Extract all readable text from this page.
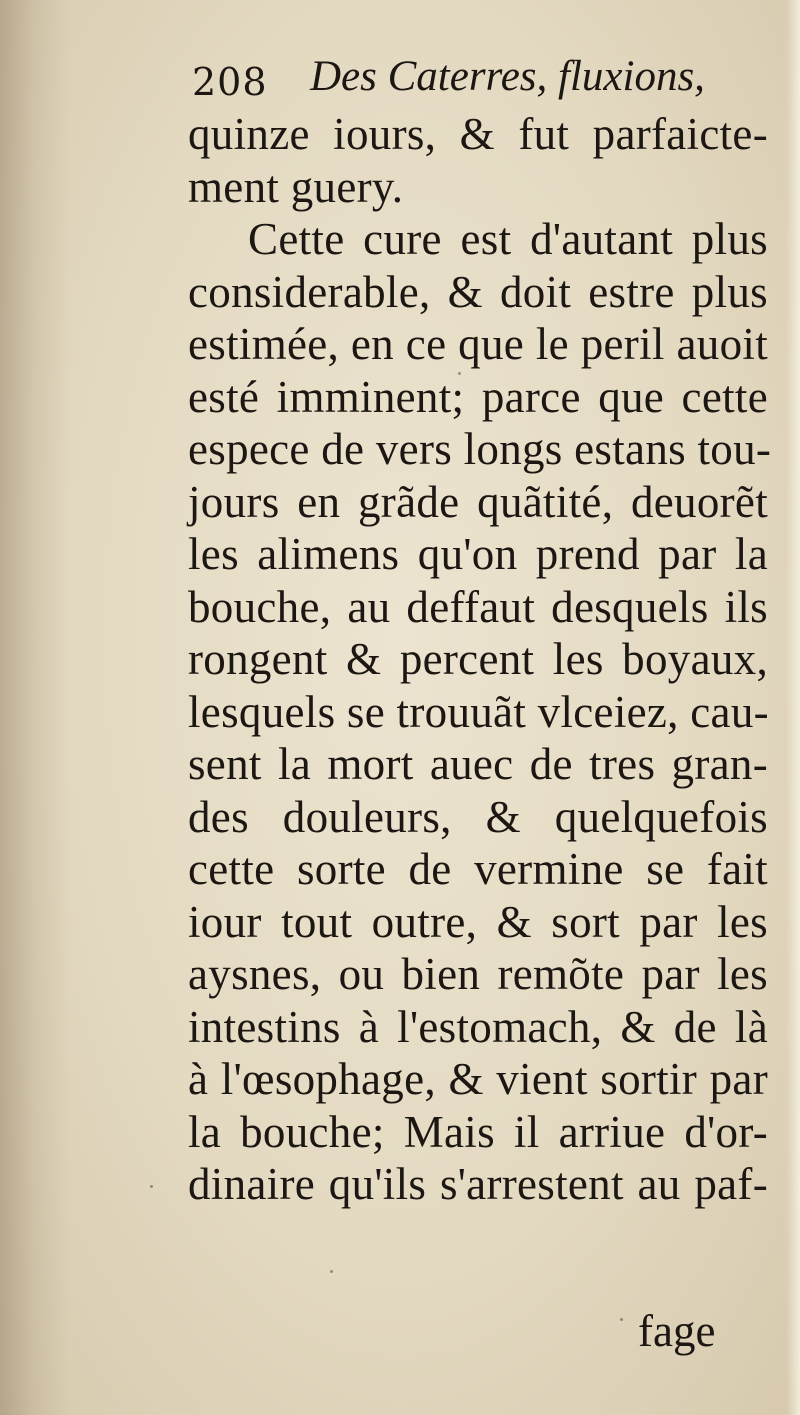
208 Des Caterres, fluxions,
quinze iours, & fut parfaicte-
ment guery.
Cette cure est d'autant plus
considerable, & doit estre plus
estimée, en ce que le peril auoit
esté imminent; parce que cette
espece de vers longs estans tou-
jours en grãde quãtité, deuorẽt
les alimens qu'on prend par la
bouche, au deffaut desquels ils
rongent & percent les boyaux,
lesquels se trouuãt vlceiez, cau-
sent la mort auec de tres gran-
des douleurs, & quelquefois
cette sorte de vermine se fait
iour tout outre, & sort par les
aysnes, ou bien remõte par les
intestins à l'estomach, & de là
à l'œsophage, & vient sortir par
la bouche; Mais il arriue d'or-
dinaire qu'ils s'arrestent au paf-
fage
